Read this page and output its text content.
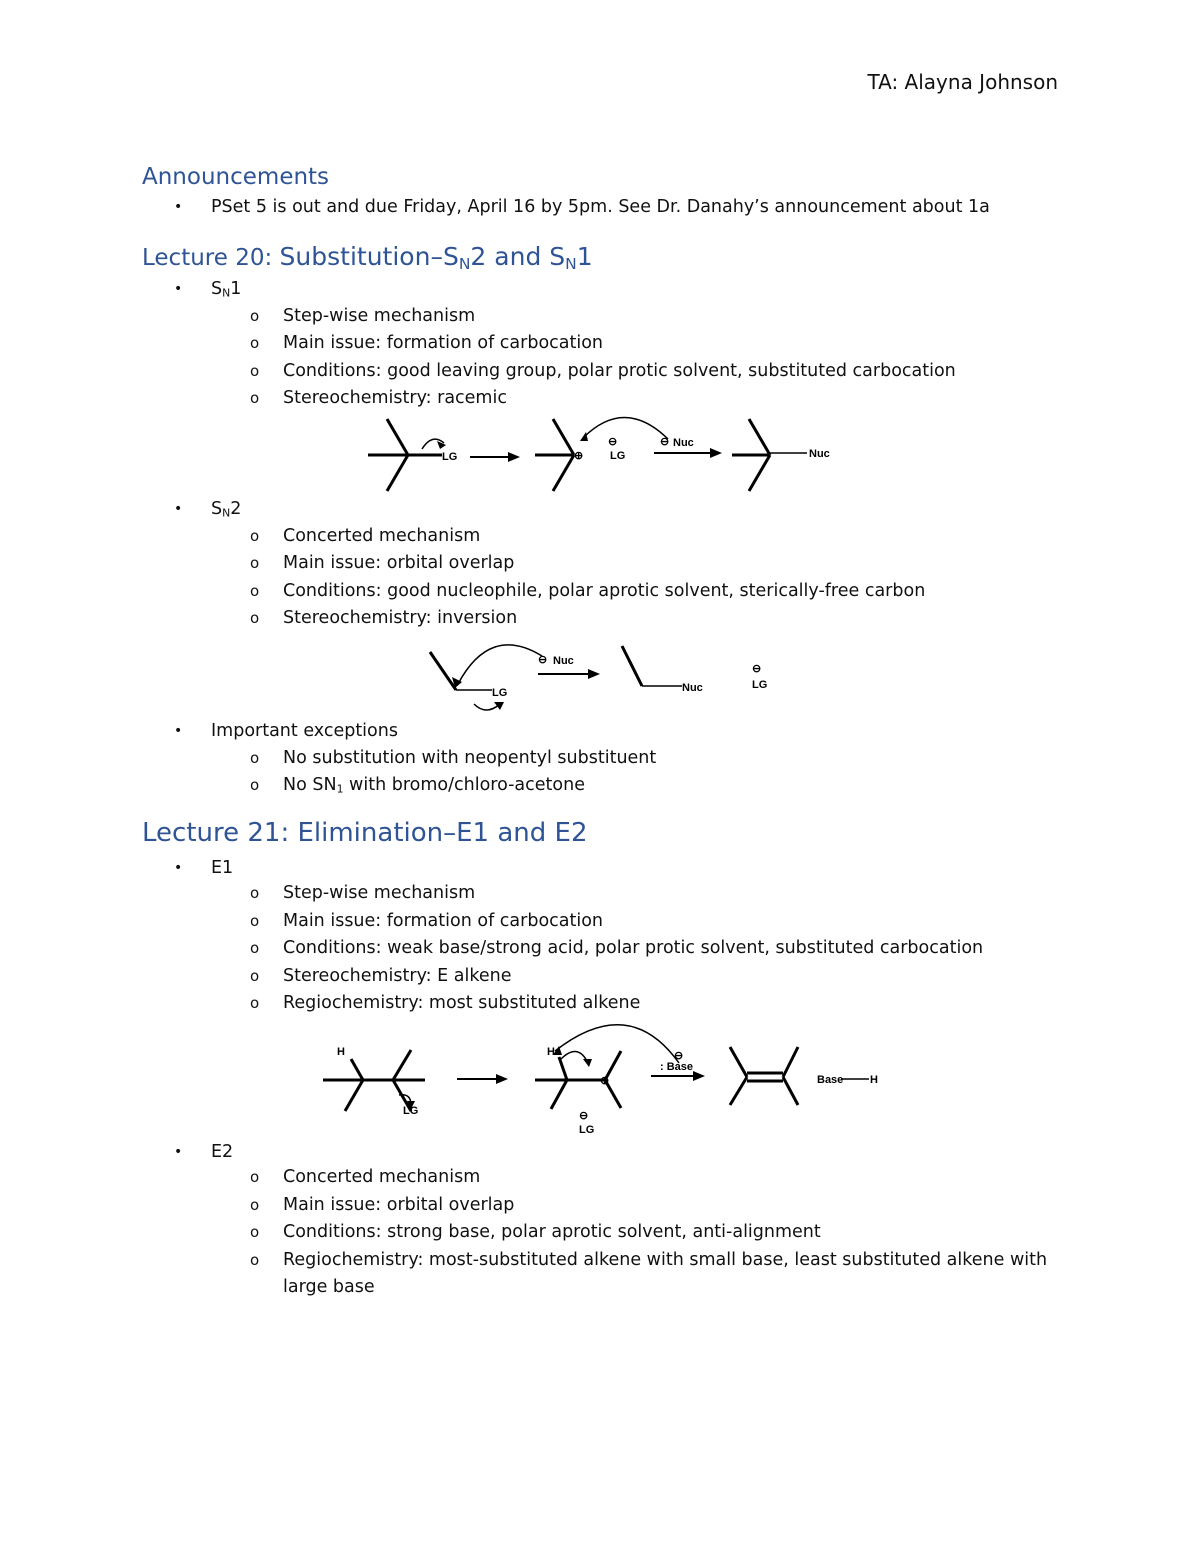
TA: Alayna Johnson
Announcements
• PSet 5 is out and due Friday, April 16 by 5pm. See Dr. Danahy’s announcement about 1a
Lecture 20: Substitution–$S_N2$ and $S_N1$
• $S_N1$
o Step-wise mechanism
o Main issue: formation of carbocation
o Conditions: good leaving group, polar protic solvent, substituted carbocation
o Stereochemistry: racemic
LG	⊕
⊖
LG
⊖ Nuc
Nuc
• $S_N2$
o Concerted mechanism
o Main issue: orbital overlap
o Conditions: good nucleophile, polar aprotic solvent, sterically-free carbon
o Stereochemistry: inversion
⊖ Nuc
LG	Nuc
⊖
LG
• Important exceptions
o No substitution with neopentyl substituent
o No $SN_1$ with bromo/chloro-acetone
Lecture 21: Elimination–E1 and E2
• E1
o Step-wise mechanism
o Main issue: formation of carbocation
o Conditions: weak base/strong acid, polar protic solvent, substituted carbocation
o Stereochemistry: E alkene
o Regiochemistry: most substituted alkene
H
LG
H
⊕
⊖
LG
⊖
: Base
Base H
• E2
o Concerted mechanism
o Main issue: orbital overlap
o Conditions: strong base, polar aprotic solvent, anti-alignment
o Regiochemistry: most-substituted alkene with small base, least substituted alkene with
large base
